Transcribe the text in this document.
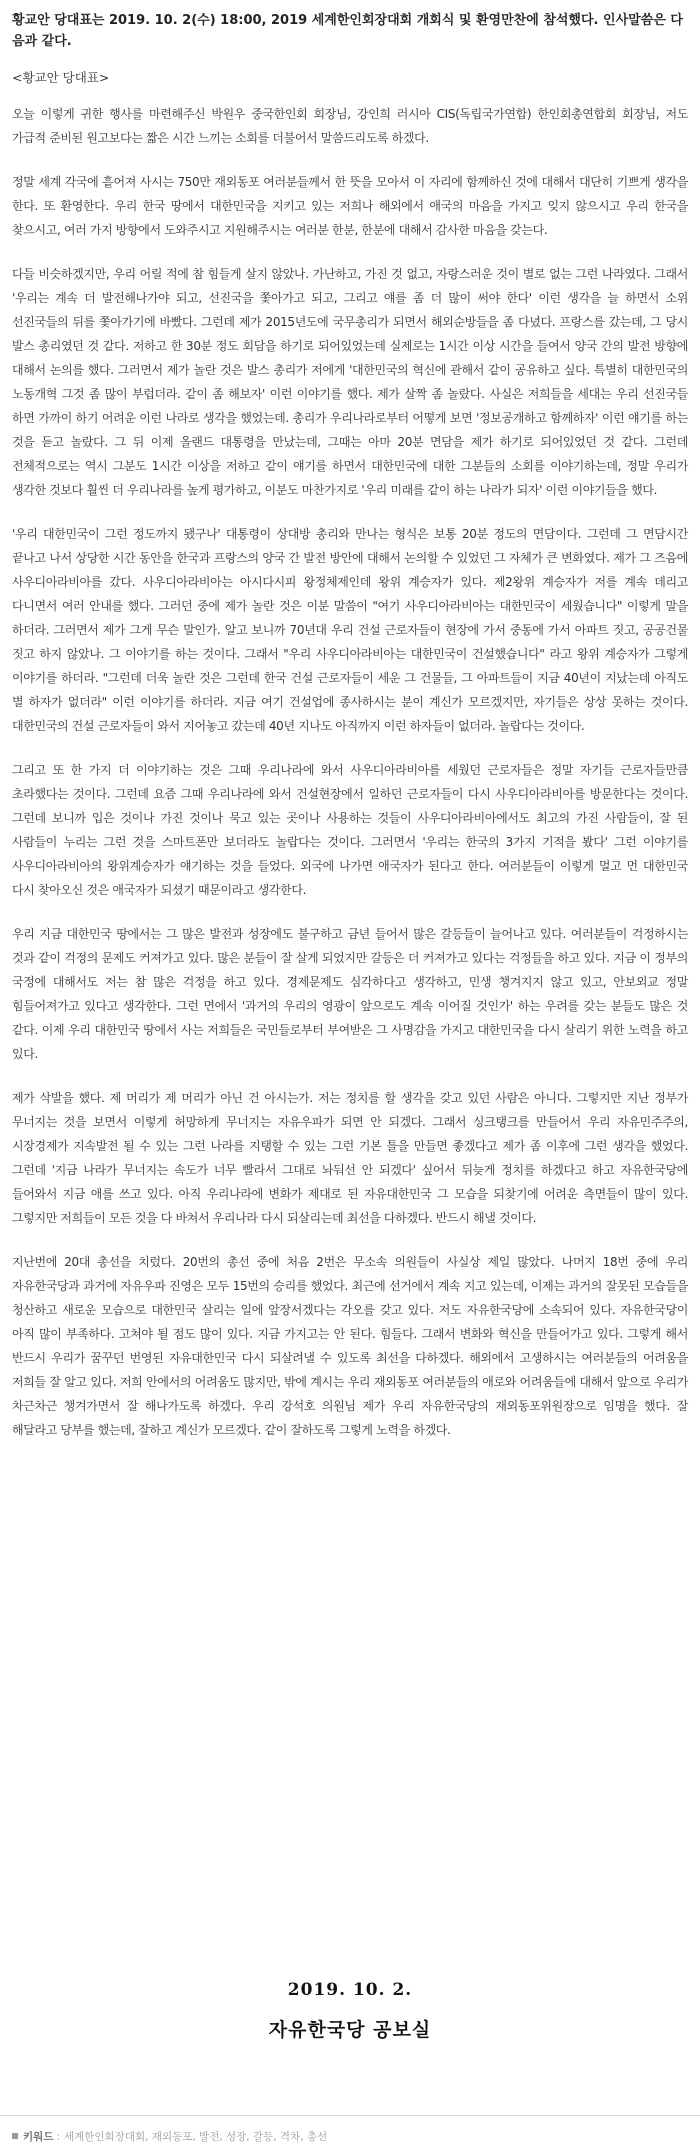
황교안 당대표는 2019. 10. 2(수) 18:00, 2019 세계한인회장대회 개회식 및 환영만찬에 참석했다. 인사말씀은 다음과 같다.

<황교안 당대표>

오늘 이렇게 귀한 행사를 마련해주신 박원우 중국한인회 회장님, 강인희 러시아 CIS(독립국가연합) 한인회총연합회 회장님, 저도 가급적 준비된 원고보다는 짧은 시간 느끼는 소회를 더불어서 말씀드리도록 하겠다.

정말 세계 각국에 흩어져 사시는 750만 재외동포 여러분들께서 한 뜻을 모아서 이 자리에 함께하신 것에 대해서 대단히 기쁘게 생각을 한다. 또 환영한다. 우리 한국 땅에서 대한민국을 지키고 있는 저희나 해외에서 애국의 마음을 가지고 잊지 않으시고 우리 한국을 찾으시고, 여러 가지 방향에서 도와주시고 지원해주시는 여러분 한분, 한분에 대해서 감사한 마음을 갖는다.

다들 비슷하겠지만, 우리 어릴 적에 참 힘들게 살지 않았나. 가난하고, 가진 것 없고, 자랑스러운 것이 별로 없는 그런 나라였다. 그래서 '우리는 계속 더 발전해나가야 되고, 선진국을 쫓아가고 되고, 그리고 얘를 좀 더 많이 써야 한다' 이런 생각을 늘 하면서 소위 선진국들의 뒤를 쫓아가기에 바빴다. 그런데 제가 2015년도에 국무총리가 되면서 해외순방들을 좀 다녔다. 프랑스를 갔는데, 그 당시 발스 총리였던 것 같다. 저하고 한 30분 정도 회담을 하기로 되어있었는데 실제로는 1시간 이상 시간을 들여서 양국 간의 발전 방향에 대해서 논의를 했다. 그러면서 제가 놀란 것은 발스 총리가 저에게 '대한민국의 혁신에 관해서 같이 공유하고 싶다. 특별히 대한민국의 노동개혁 그것 좀 많이 부럽더라. 같이 좀 해보자' 이런 이야기를 했다. 제가 살짝 좀 놀랐다. 사실은 저희들을 세대는 우리 선진국들 하면 가까이 하기 어려운 이런 나라로 생각을 했었는데. 총리가 우리나라로부터 어떻게 보면 '정보공개하고 함께하자' 이런 얘기를 하는 것을 듣고 놀랐다. 그 뒤 이제 올랜드 대통령을 만났는데, 그때는 아마 20분 면담을 제가 하기로 되어있었던 것 같다. 그런데 전체적으로는 역시 그분도 1시간 이상을 저하고 같이 얘기를 하면서 대한민국에 대한 그분들의 소회를 이야기하는데, 정말 우리가 생각한 것보다 훨씬 더 우리나라를 높게 평가하고, 이분도 마찬가지로 '우리 미래를 같이 하는 나라가 되자' 이런 이야기들을 했다.

'우리 대한민국이 그런 정도까지 됐구나' 대통령이 상대방 총리와 만나는 형식은 보통 20분 정도의 면담이다. 그런데 그 면담시간 끝나고 나서 상당한 시간 동안을 한국과 프랑스의 양국 간 발전 방안에 대해서 논의할 수 있었던 그 자체가 큰 변화였다. 제가 그 즈음에 사우디아라비아를 갔다. 사우디아라비아는 아시다시피 왕정체제인데 왕위 계승자가 있다. 제2왕위 계승자가 저를 계속 데리고 다니면서 여러 안내를 했다. 그러던 중에 제가 놀란 것은 이분 말씀이 "여기 사우디아라비아는 대한민국이 세웠습니다" 이렇게 말을 하더라. 그러면서 제가 그게 무슨 말인가. 알고 보니까 70년대 우리 건설 근로자들이 현장에 가서 중동에 가서 아파트 짓고, 공공건물 짓고 하지 않았나. 그 이야기를 하는 것이다. 그래서 "우리 사우디아라비아는 대한민국이 건설했습니다" 라고 왕위 계승자가 그렇게 이야기를 하더라. "그런데 더욱 놀란 것은 그런데 한국 건설 근로자들이 세운 그 건물들, 그 아파트들이 지금 40년이 지났는데 아직도 별 하자가 없더라" 이런 이야기를 하더라. 지금 여기 건설업에 종사하시는 분이 계신가 모르겠지만, 자기들은 상상 못하는 것이다. 대한민국의 건설 근로자들이 와서 지어놓고 갔는데 40년 지나도 아직까지 이런 하자들이 없더라. 놀랍다는 것이다.

그리고 또 한 가지 더 이야기하는 것은 그때 우리나라에 와서 사우디아라비아를 세웠던 근로자들은 정말 자기들 근로자들만큼 초라했다는 것이다. 그런데 요즘 그때 우리나라에 와서 건설현장에서 일하던 근로자들이 다시 사우디아라비아를 방문한다는 것이다. 그런데 보니까 입은 것이나 가진 것이나 묵고 있는 곳이나 사용하는 것들이 사우디아라비아에서도 최고의 가진 사람들이, 잘 된 사람들이 누리는 그런 것을 스마트폰만 보더라도 놀랍다는 것이다. 그러면서 '우리는 한국의 3가지 기적을 봤다' 그런 이야기를 사우디아라비아의 왕위계승자가 얘기하는 것을 들었다. 외국에 나가면 애국자가 된다고 한다. 여러분들이 이렇게 멀고 먼 대한민국 다시 찾아오신 것은 애국자가 되셨기 때문이라고 생각한다.

우리 지금 대한민국 땅에서는 그 많은 발전과 성장에도 불구하고 금년 들어서 많은 갈등들이 늘어나고 있다. 여러분들이 걱정하시는 것과 같이 걱정의 문제도 커져가고 있다. 많은 분들이 잘 살게 되었지만 갈등은 더 커져가고 있다는 걱정들을 하고 있다. 지금 이 정부의 국정에 대해서도 저는 참 많은 걱정을 하고 있다. 경제문제도 심각하다고 생각하고, 민생 챙겨지지 않고 있고, 안보외교 정말 힘들어져가고 있다고 생각한다. 그런 면에서 '과거의 우리의 영광이 앞으로도 계속 이어질 것인가' 하는 우려를 갖는 분들도 많은 것 같다. 이제 우리 대한민국 땅에서 사는 저희들은 국민들로부터 부여받은 그 사명감을 가지고 대한민국을 다시 살리기 위한 노력을 하고 있다.

제가 삭발을 했다. 제 머리가 제 머리가 아닌 건 아시는가. 저는 정치를 할 생각을 갖고 있던 사람은 아니다. 그렇지만 지난 정부가 무너지는 것을 보면서 이렇게 허망하게 무너지는 자유우파가 되면 안 되겠다. 그래서 싱크탱크를 만들어서 우리 자유민주주의, 시장경제가 지속발전 될 수 있는 그런 나라를 지탱할 수 있는 그런 기본 틀을 만들면 좋겠다고 제가 좀 이후에 그런 생각을 했었다. 그런데 '지금 나라가 무너지는 속도가 너무 빨라서 그대로 놔둬선 안 되겠다' 싶어서 뒤늦게 정치를 하겠다고 하고 자유한국당에 들어와서 지금 애를 쓰고 있다. 아직 우리나라에 변화가 제대로 된 자유대한민국 그 모습을 되찾기에 어려운 측면들이 많이 있다. 그렇지만 저희들이 모든 것을 다 바쳐서 우리나라 다시 되살리는데 최선을 다하겠다. 반드시 해낼 것이다.

지난번에 20대 총선을 치렀다. 20번의 총선 중에 처음 2번은 무소속 의원들이 사실상 제일 많았다. 나머지 18번 중에 우리 자유한국당과 과거에 자유우파 진영은 모두 15번의 승리를 했었다. 최근에 선거에서 계속 지고 있는데, 이제는 과거의 잘못된 모습들을 청산하고 새로운 모습으로 대한민국 살리는 일에 앞장서겠다는 각오를 갖고 있다. 저도 자유한국당에 소속되어 있다. 자유한국당이 아직 많이 부족하다. 고쳐야 될 점도 많이 있다. 지금 가지고는 안 된다. 힘들다. 그래서 변화와 혁신을 만들어가고 있다. 그렇게 해서 반드시 우리가 꿈꾸던 번영된 자유대한민국 다시 되살려낼 수 있도록 최선을 다하겠다. 해외에서 고생하시는 여러분들의 어려움을 저희들 잘 알고 있다. 저희 안에서의 어려움도 많지만, 밖에 계시는 우리 재외동포 여러분들의 애로와 어려움들에 대해서 앞으로 우리가 차근차근 챙겨가면서 잘 해나가도록 하겠다. 우리 강석호 의원님 제가 우리 자유한국당의 재외동포위원장으로 임명을 했다. 잘 해달라고 당부를 했는데, 잘하고 계신가 모르겠다. 같이 잘하도록 그렇게 노력을 하겠다.

2019. 10. 2.
자유한국당 공보실
키워드 : 세계한인회장대회, 재외동포, 발전, 성장, 갈등, 격차, 총선
